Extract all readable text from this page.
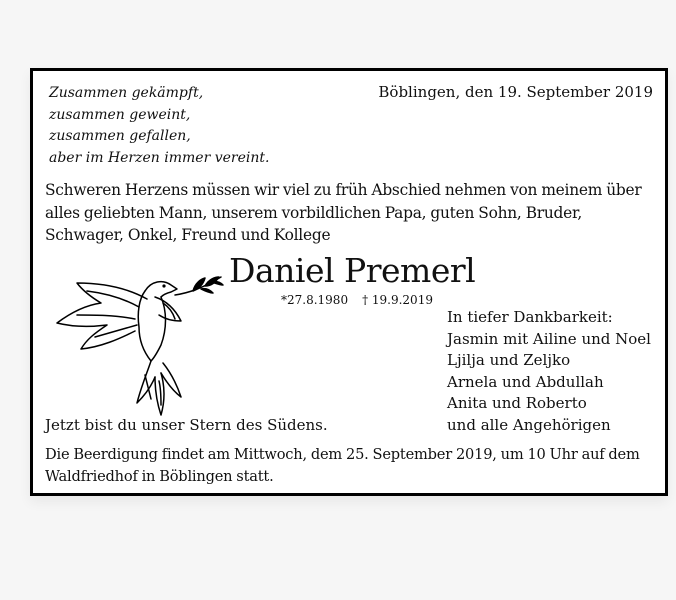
Zusammen gekämpft,
zusammen geweint,
zusammen gefallen,
aber im Herzen immer vereint.
Böblingen, den 19. September 2019
Schweren Herzens müssen wir viel zu früh Abschied nehmen von meinem über alles geliebten Mann, unserem vorbildlichen Papa, guten Sohn, Bruder, Schwager, Onkel, Freund und Kollege
Daniel Premerl
*27.8.1980 † 19.9.2019
In tiefer Dankbarkeit:
Jasmin mit Ailine und Noel
Ljilja und Zeljko
Arnela und Abdullah
Anita und Roberto
und alle Angehörigen
Jetzt bist du unser Stern des Südens.
Die Beerdigung findet am Mittwoch, dem 25. September 2019, um 10 Uhr auf dem Waldfriedhof in Böblingen statt.
